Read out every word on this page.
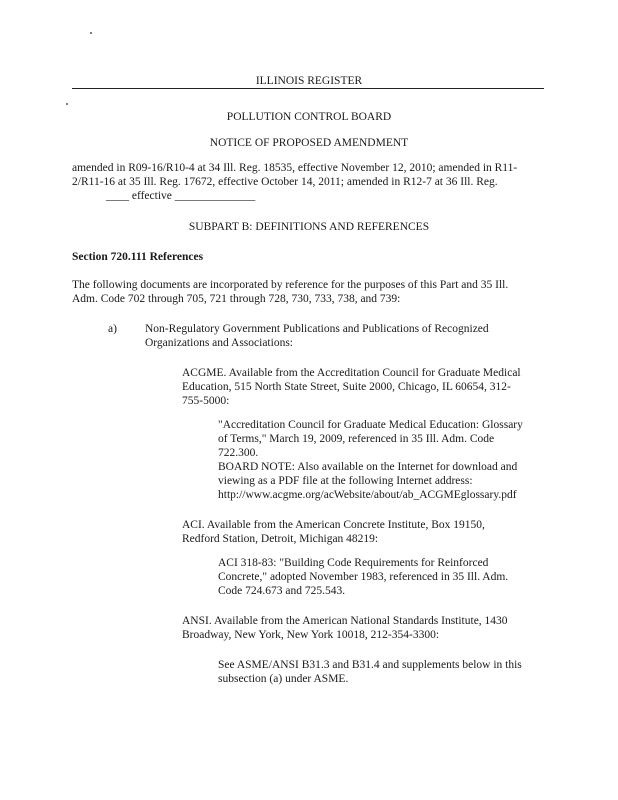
ILLINOIS REGISTER
POLLUTION CONTROL BOARD
NOTICE OF PROPOSED AMENDMENT
amended in R09-16/R10-4 at 34 Ill. Reg. 18535, effective November 12, 2010; amended in R11-
2/R11-16 at 35 Ill. Reg. 17672, effective October 14, 2011; amended in R12-7 at 36 Ill. Reg.
____ effective ______________
SUBPART B: DEFINITIONS AND REFERENCES
Section 720.111 References
The following documents are incorporated by reference for the purposes of this Part and 35 Ill.
Adm. Code 702 through 705, 721 through 728, 730, 733, 738, and 739:
a) Non-Regulatory Government Publications and Publications of Recognized
Organizations and Associations:
ACGME. Available from the Accreditation Council for Graduate Medical
Education, 515 North State Street, Suite 2000, Chicago, IL 60654, 312-
755-5000:
"Accreditation Council for Graduate Medical Education: Glossary
of Terms," March 19, 2009, referenced in 35 Ill. Adm. Code
722.300.
BOARD NOTE: Also available on the Internet for download and
viewing as a PDF file at the following Internet address:
http://www.acgme.org/acWebsite/about/ab_ACGMEglossary.pdf
ACI. Available from the American Concrete Institute, Box 19150,
Redford Station, Detroit, Michigan 48219:
ACI 318-83: "Building Code Requirements for Reinforced
Concrete," adopted November 1983, referenced in 35 Ill. Adm.
Code 724.673 and 725.543.
ANSI. Available from the American National Standards Institute, 1430
Broadway, New York, New York 10018, 212-354-3300:
See ASME/ANSI B31.3 and B31.4 and supplements below in this
subsection (a) under ASME.
